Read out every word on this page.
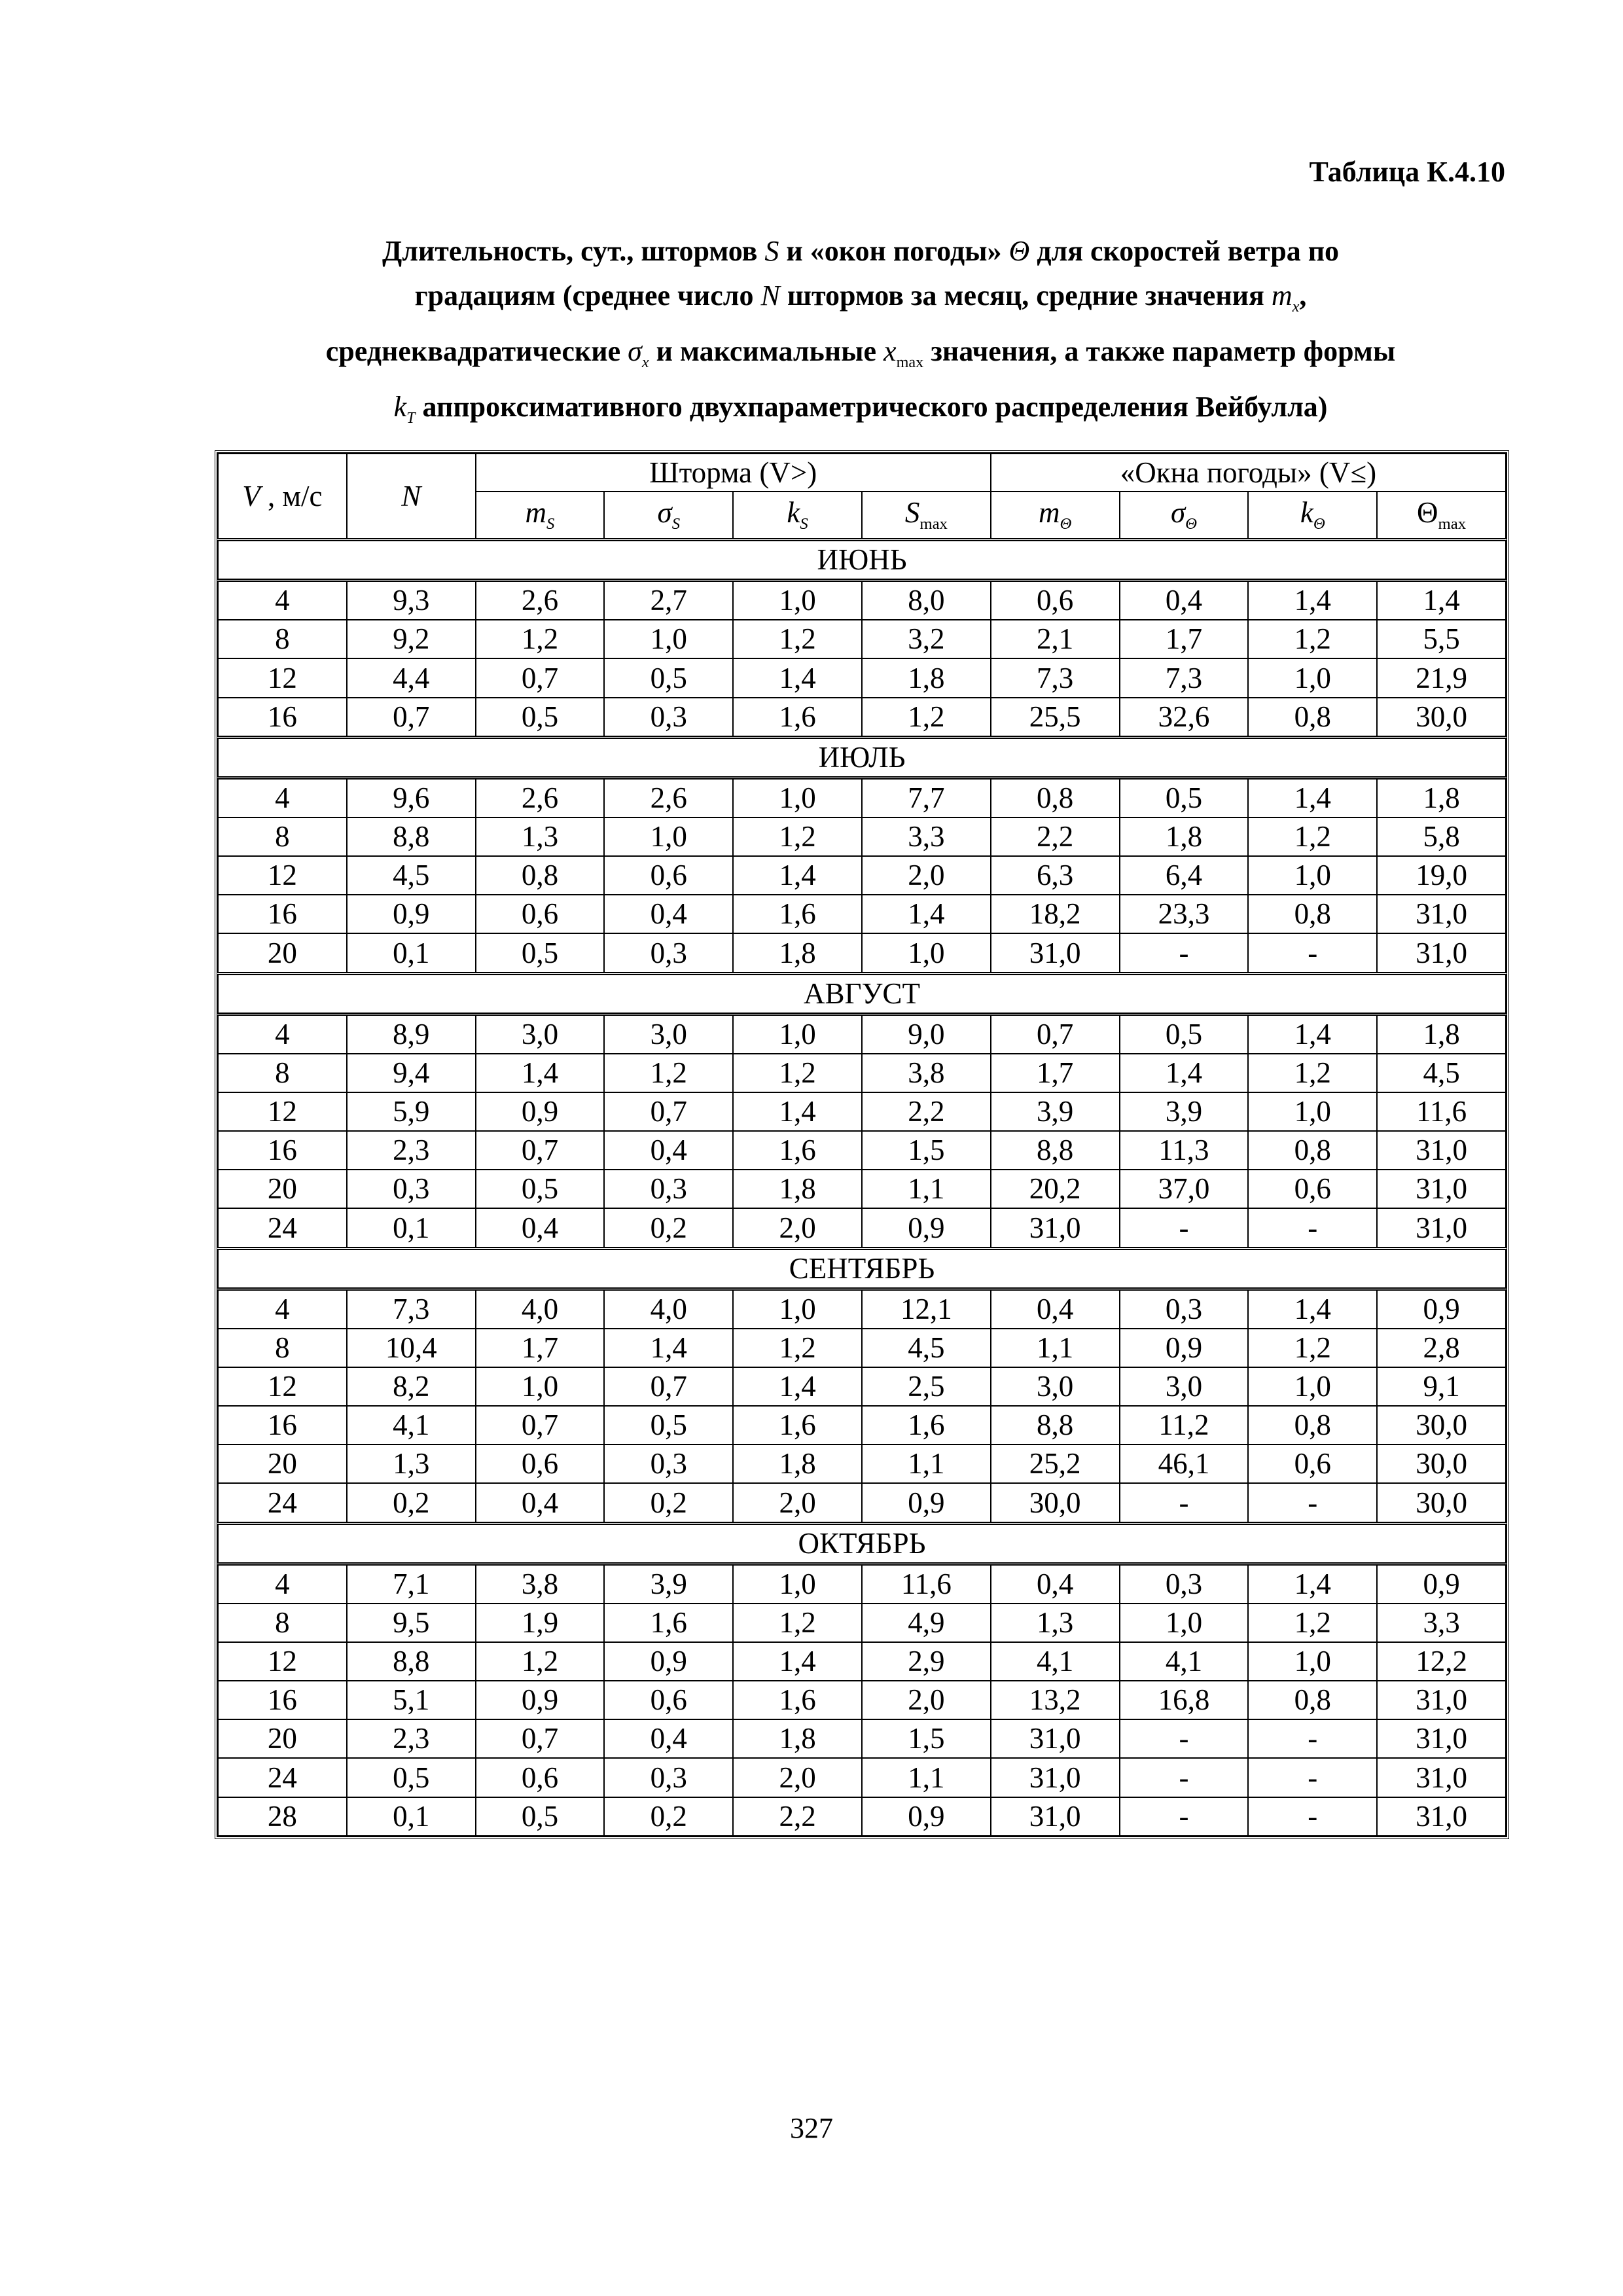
Таблица К.4.10
Длительность, сут., штормов S и «окон погоды» Θ для скоростей ветра по
градациям (среднее число N штормов за месяц, средние значения $m_x$,
среднеквадратические $\sigma_x$ и максимальные $x_{max}$ значения, а также параметр формы
$k_T$ аппроксимативного двухпараметрического распределения Вейбулла)
V , м/с	N	Шторма (V>)				«Окна погоды» (V≤)			
		$m_S$	$\sigma_S$	$k_S$	$S_{max}$	$m_\Theta$	$\sigma_\Theta$	$k_\Theta$	$\Theta_{max}$
ИЮНЬ									
4	9,3	2,6	2,7	1,0	8,0	0,6	0,4	1,4	1,4
8	9,2	1,2	1,0	1,2	3,2	2,1	1,7	1,2	5,5
12	4,4	0,7	0,5	1,4	1,8	7,3	7,3	1,0	21,9
16	0,7	0,5	0,3	1,6	1,2	25,5	32,6	0,8	30,0
ИЮЛЬ									
4	9,6	2,6	2,6	1,0	7,7	0,8	0,5	1,4	1,8
8	8,8	1,3	1,0	1,2	3,3	2,2	1,8	1,2	5,8
12	4,5	0,8	0,6	1,4	2,0	6,3	6,4	1,0	19,0
16	0,9	0,6	0,4	1,6	1,4	18,2	23,3	0,8	31,0
20	0,1	0,5	0,3	1,8	1,0	31,0	-	-	31,0
АВГУСТ									
4	8,9	3,0	3,0	1,0	9,0	0,7	0,5	1,4	1,8
8	9,4	1,4	1,2	1,2	3,8	1,7	1,4	1,2	4,5
12	5,9	0,9	0,7	1,4	2,2	3,9	3,9	1,0	11,6
16	2,3	0,7	0,4	1,6	1,5	8,8	11,3	0,8	31,0
20	0,3	0,5	0,3	1,8	1,1	20,2	37,0	0,6	31,0
24	0,1	0,4	0,2	2,0	0,9	31,0	-	-	31,0
СЕНТЯБРЬ									
4	7,3	4,0	4,0	1,0	12,1	0,4	0,3	1,4	0,9
8	10,4	1,7	1,4	1,2	4,5	1,1	0,9	1,2	2,8
12	8,2	1,0	0,7	1,4	2,5	3,0	3,0	1,0	9,1
16	4,1	0,7	0,5	1,6	1,6	8,8	11,2	0,8	30,0
20	1,3	0,6	0,3	1,8	1,1	25,2	46,1	0,6	30,0
24	0,2	0,4	0,2	2,0	0,9	30,0	-	-	30,0
ОКТЯБРЬ									
4	7,1	3,8	3,9	1,0	11,6	0,4	0,3	1,4	0,9
8	9,5	1,9	1,6	1,2	4,9	1,3	1,0	1,2	3,3
12	8,8	1,2	0,9	1,4	2,9	4,1	4,1	1,0	12,2
16	5,1	0,9	0,6	1,6	2,0	13,2	16,8	0,8	31,0
20	2,3	0,7	0,4	1,8	1,5	31,0	-	-	31,0
24	0,5	0,6	0,3	2,0	1,1	31,0	-	-	31,0
28	0,1	0,5	0,2	2,2	0,9	31,0	-	-	31,0
327
